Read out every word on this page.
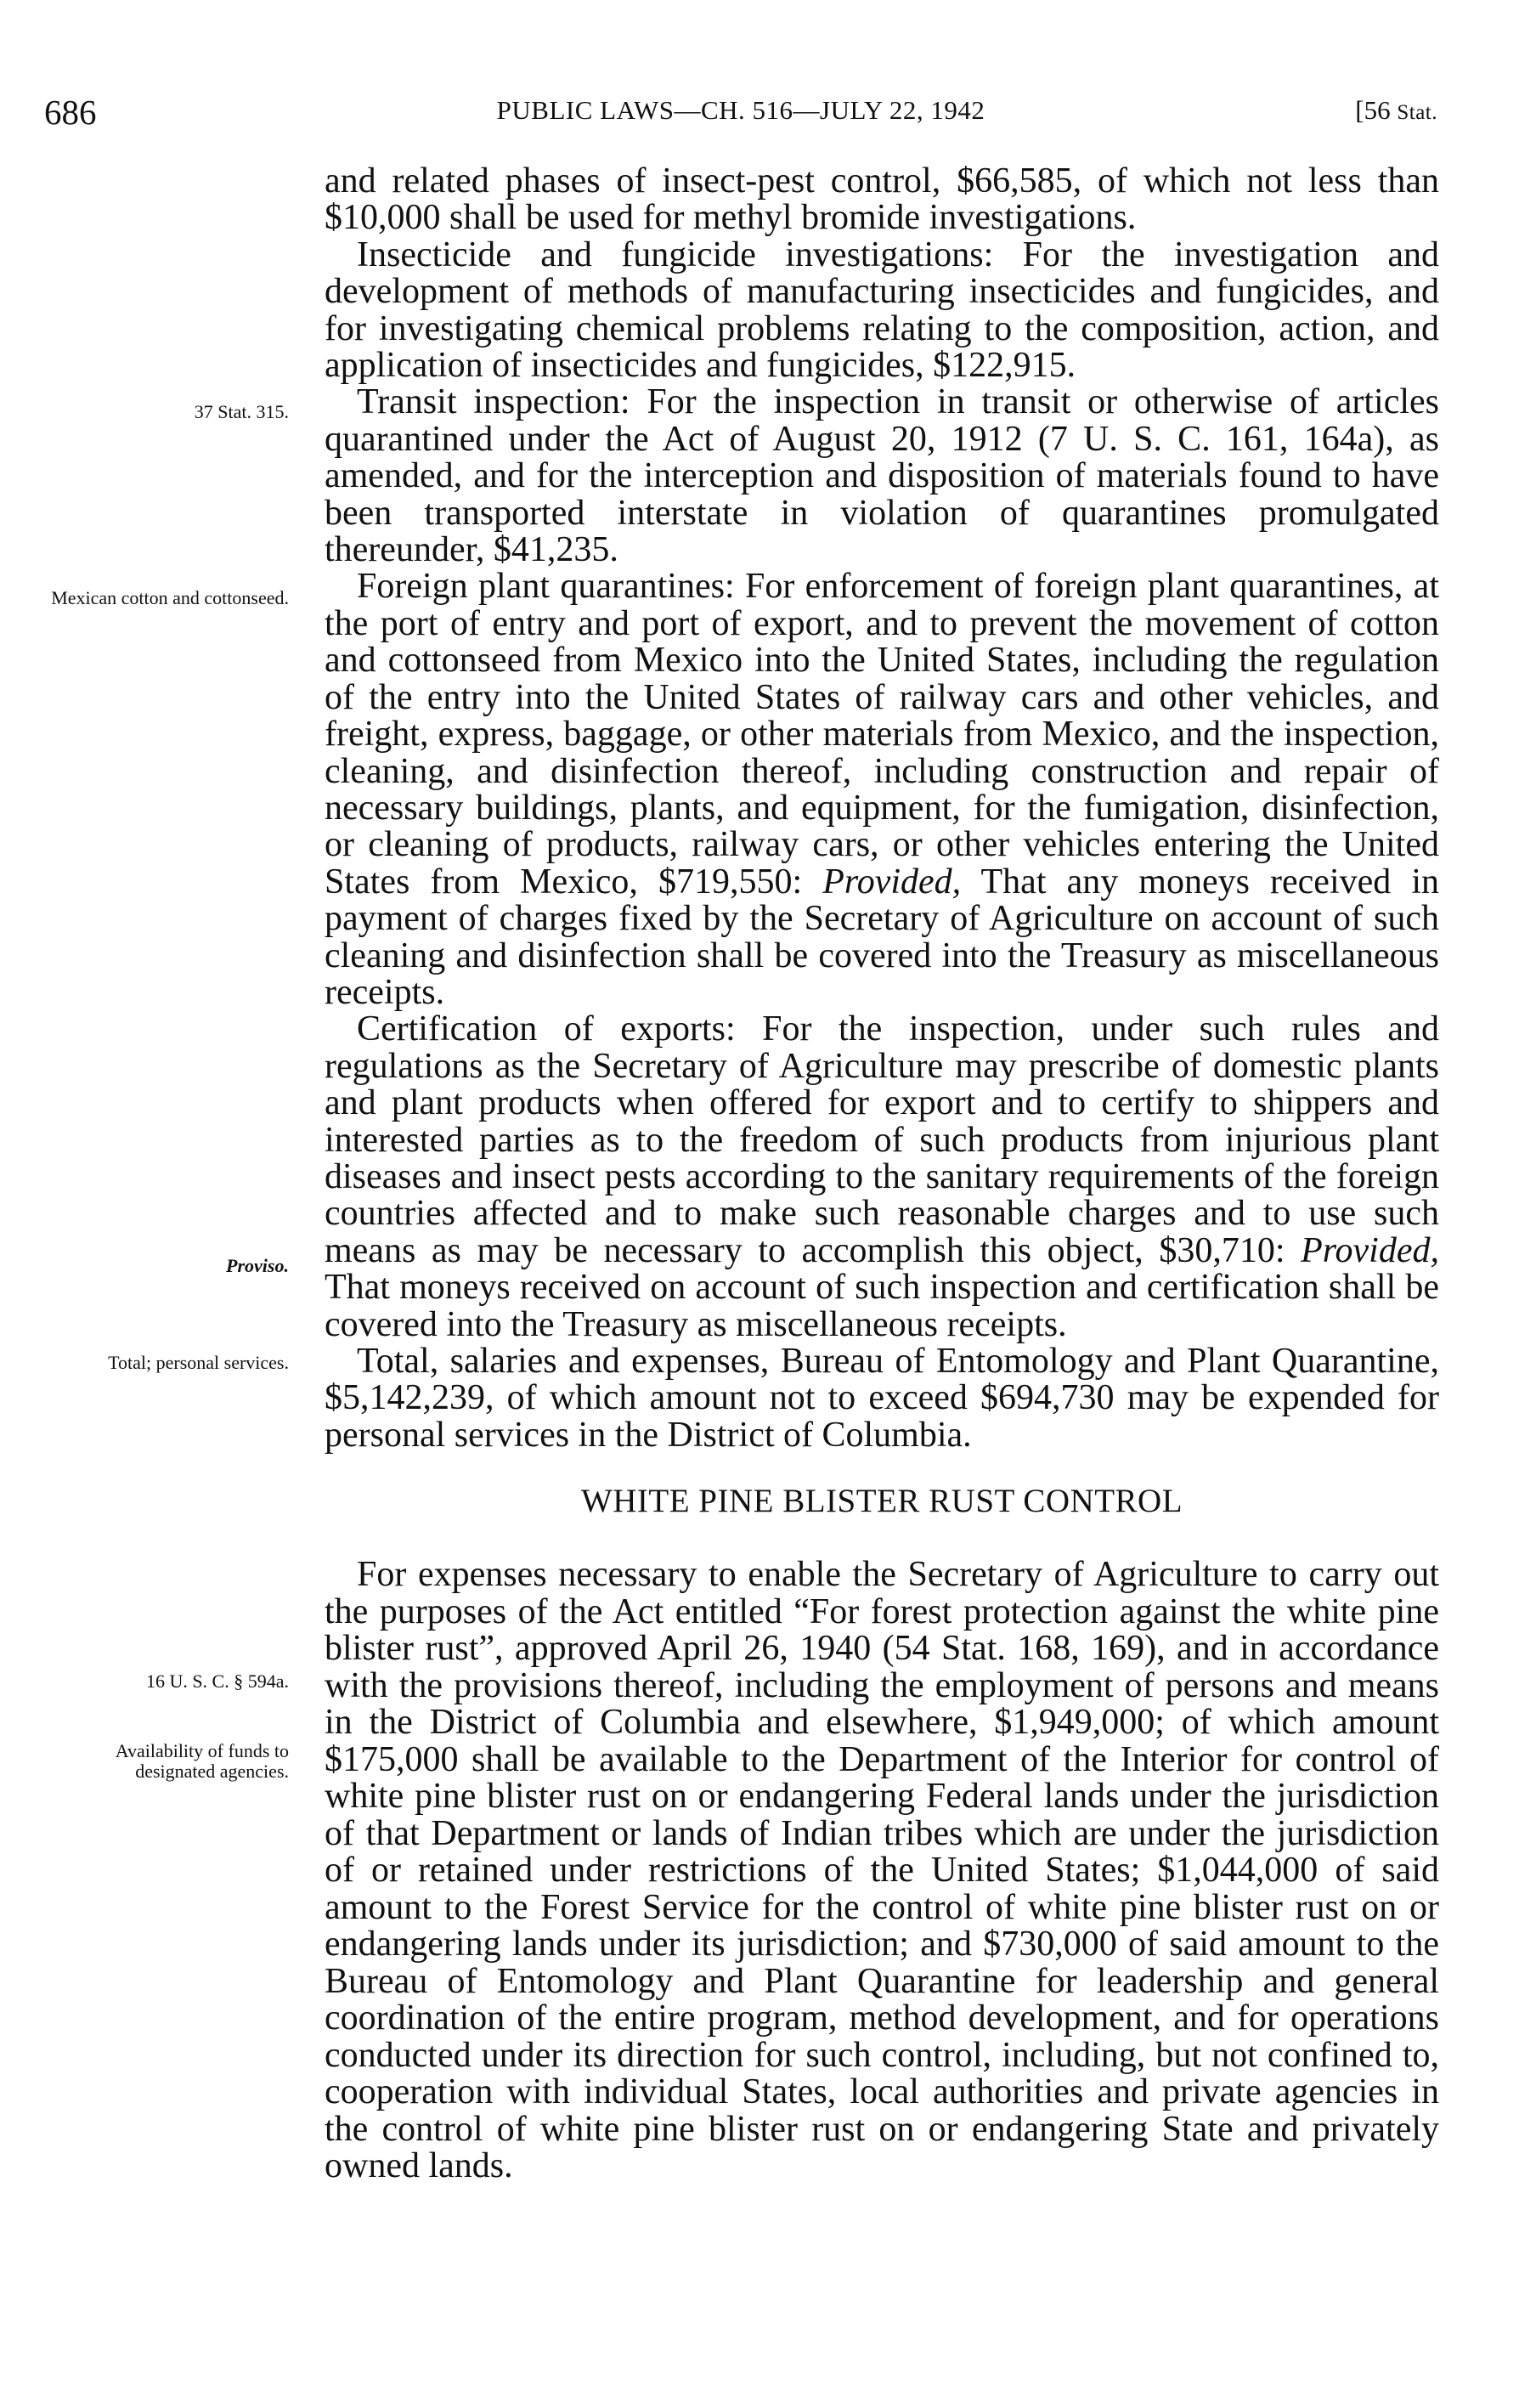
686	PUBLIC LAWS—CH. 516—JULY 22, 1942	[56 Stat.
37 Stat. 315.
Mexican cotton and cottonseed.
Proviso.
Total; personal services.
16 U. S. C. § 594a.
Availability of funds to designated agencies.

and related phases of insect-pest control, $66,585, of which not less than $10,000 shall be used for methyl bromide investigations.

Insecticide and fungicide investigations: For the investigation and development of methods of manufacturing insecticides and fungicides, and for investigating chemical problems relating to the composition, action, and application of insecticides and fungicides, $122,915.

Transit inspection: For the inspection in transit or otherwise of articles quarantined under the Act of August 20, 1912 (7 U. S. C. 161, 164a), as amended, and for the interception and disposition of materials found to have been transported interstate in violation of quarantines promulgated thereunder, $41,235.

Foreign plant quarantines: For enforcement of foreign plant quarantines, at the port of entry and port of export, and to prevent the movement of cotton and cottonseed from Mexico into the United States, including the regulation of the entry into the United States of railway cars and other vehicles, and freight, express, baggage, or other materials from Mexico, and the inspection, cleaning, and disinfection thereof, including construction and repair of necessary buildings, plants, and equipment, for the fumigation, disinfection, or cleaning of products, railway cars, or other vehicles entering the United States from Mexico, $719,550: Provided, That any moneys received in payment of charges fixed by the Secretary of Agriculture on account of such cleaning and disinfection shall be covered into the Treasury as miscellaneous receipts.

Certification of exports: For the inspection, under such rules and regulations as the Secretary of Agriculture may prescribe of domestic plants and plant products when offered for export and to certify to shippers and interested parties as to the freedom of such products from injurious plant diseases and insect pests according to the sanitary requirements of the foreign countries affected and to make such reasonable charges and to use such means as may be necessary to accomplish this object, $30,710: Provided, That moneys received on account of such inspection and certification shall be covered into the Treasury as miscellaneous receipts.

Total, salaries and expenses, Bureau of Entomology and Plant Quarantine, $5,142,239, of which amount not to exceed $694,730 may be expended for personal services in the District of Columbia.

WHITE PINE BLISTER RUST CONTROL

For expenses necessary to enable the Secretary of Agriculture to carry out the purposes of the Act entitled “For forest protection against the white pine blister rust”, approved April 26, 1940 (54 Stat. 168, 169), and in accordance with the provisions thereof, including the employment of persons and means in the District of Columbia and elsewhere, $1,949,000; of which amount $175,000 shall be available to the Department of the Interior for control of white pine blister rust on or endangering Federal lands under the jurisdiction of that Department or lands of Indian tribes which are under the jurisdiction of or retained under restrictions of the United States; $1,044,000 of said amount to the Forest Service for the control of white pine blister rust on or endangering lands under its jurisdiction; and $730,000 of said amount to the Bureau of Entomology and Plant Quarantine for leadership and general coordination of the entire program, method development, and for operations conducted under its direction for such control, including, but not confined to, cooperation with individual States, local authorities and private agencies in the control of white pine blister rust on or endangering State and privately owned lands.
